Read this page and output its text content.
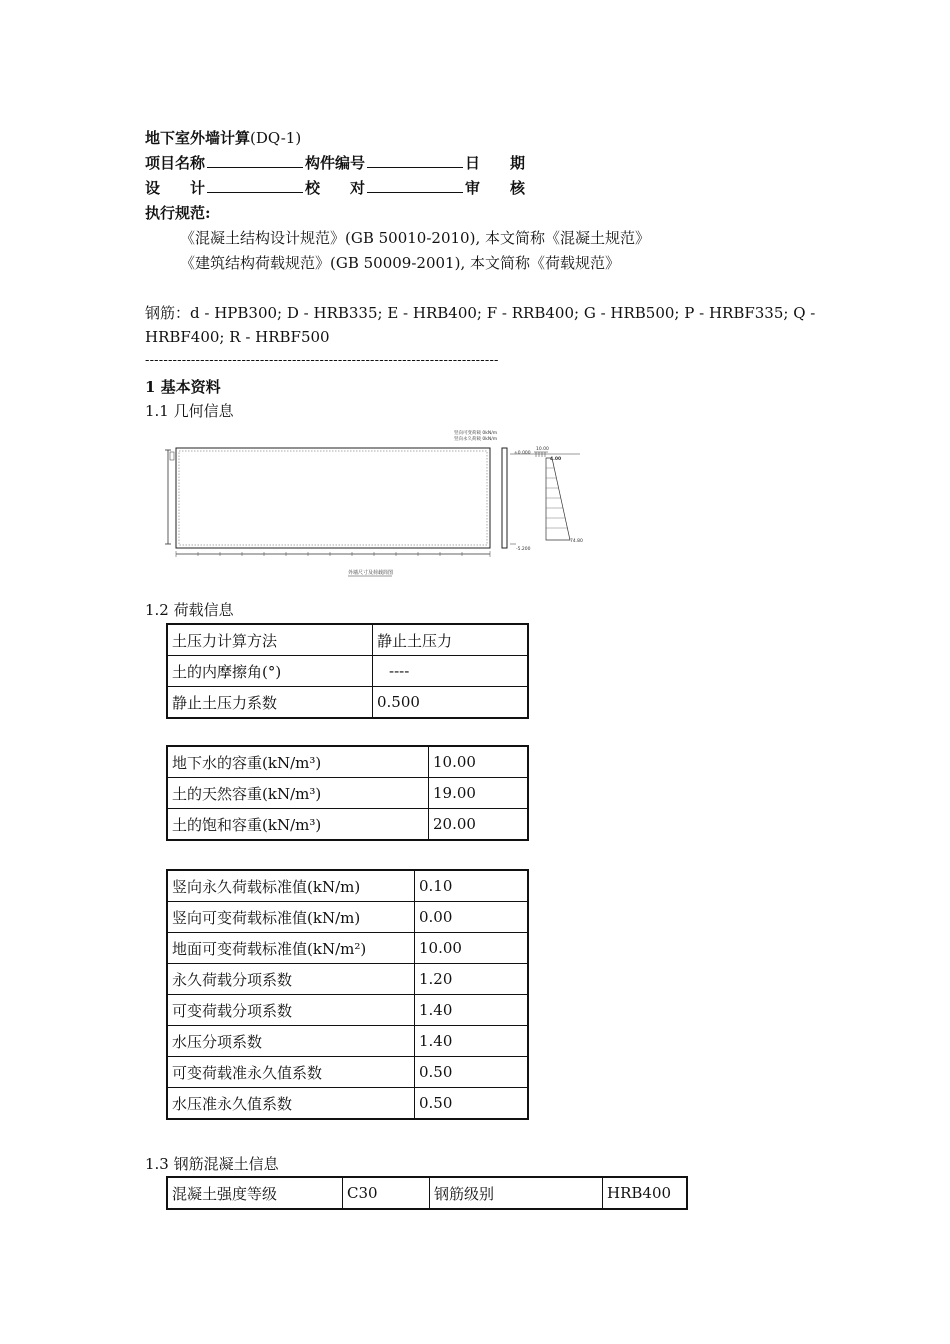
地下室外墙计算(DQ-1)
项目名称	构件编号	日　　期
设　　计	校　　对	审　　核
执行规范:
《混凝土结构设计规范》(GB 50010-2010), 本文简称《混凝土规范》
《建筑结构荷载规范》(GB 50009-2001), 本文简称《荷载规范》
钢筋：d - HPB300; D - HRB335; E - HRB400; F - RRB400; G - HRB500; P - HRBF335; Q -
HRBF400; R - HRBF500
-----------------------------------------------------------------------------
1 基本资料
1.1 几何信息
竖向可变荷载 0kN/m
竖向永久荷载 0kN/m
10.00
±0.000
4.00
74.80
-5.200
外墙尺寸及荷载简图
1.2 荷载信息
土压力计算方法	静止土压力
土的内摩擦角(°)	----
静止土压力系数	0.500
地下水的容重(kN/m³)	10.00
土的天然容重(kN/m³)	19.00
土的饱和容重(kN/m³)	20.00
竖向永久荷载标准值(kN/m)	0.10
竖向可变荷载标准值(kN/m)	0.00
地面可变荷载标准值(kN/m²)	10.00
永久荷载分项系数	1.20
可变荷载分项系数	1.40
水压分项系数	1.40
可变荷载准永久值系数	0.50
水压准永久值系数	0.50
1.3 钢筋混凝土信息
混凝土强度等级	C30	钢筋级别	HRB400
